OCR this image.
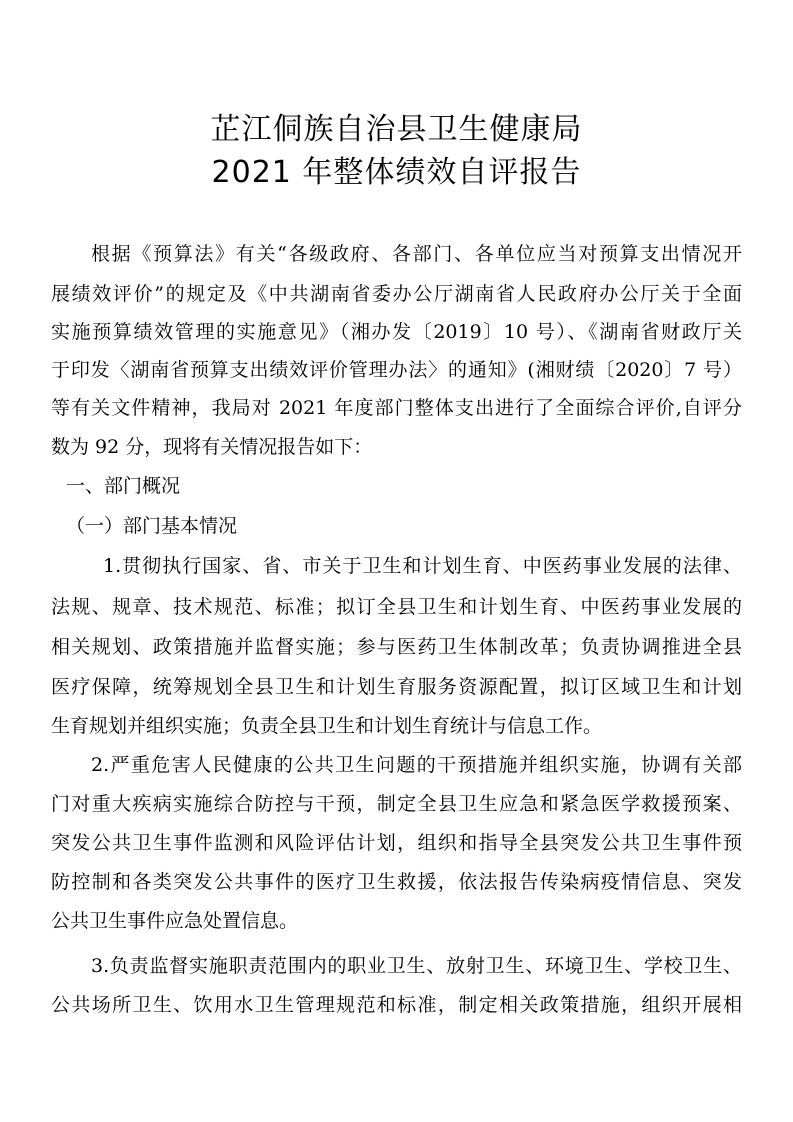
芷江侗族自治县卫生健康局
2021 年整体绩效自评报告
根据《预算法》有关“各级政府、各部门、各单位应当对预算支出情况开
展绩效评价”的规定及《中共湖南省委办公厅湖南省人民政府办公厅关于全面
实施预算绩效管理的实施意见》（湘办发〔2019〕10 号）、《湖南省财政厅关
于印发〈湖南省预算支出绩效评价管理办法〉的通知》(湘财绩〔2020〕7 号）
等有关文件精神，我局对 2021 年度部门整体支出进行了全面综合评价,自评分
数为 92 分，现将有关情况报告如下：
一、部门概况
（一）部门基本情况
1.贯彻执行国家、省、市关于卫生和计划生育、中医药事业发展的法律、
法规、规章、技术规范、标准；拟订全县卫生和计划生育、中医药事业发展的
相关规划、政策措施并监督实施；参与医药卫生体制改革；负责协调推进全县
医疗保障，统筹规划全县卫生和计划生育服务资源配置，拟订区域卫生和计划
生育规划并组织实施；负责全县卫生和计划生育统计与信息工作。
2.严重危害人民健康的公共卫生问题的干预措施并组织实施，协调有关部
门对重大疾病实施综合防控与干预，制定全县卫生应急和紧急医学救援预案、
突发公共卫生事件监测和风险评估计划，组织和指导全县突发公共卫生事件预
防控制和各类突发公共事件的医疗卫生救援，依法报告传染病疫情信息、突发
公共卫生事件应急处置信息。
3.负责监督实施职责范围内的职业卫生、放射卫生、环境卫生、学校卫生、
公共场所卫生、饮用水卫生管理规范和标准，制定相关政策措施，组织开展相
